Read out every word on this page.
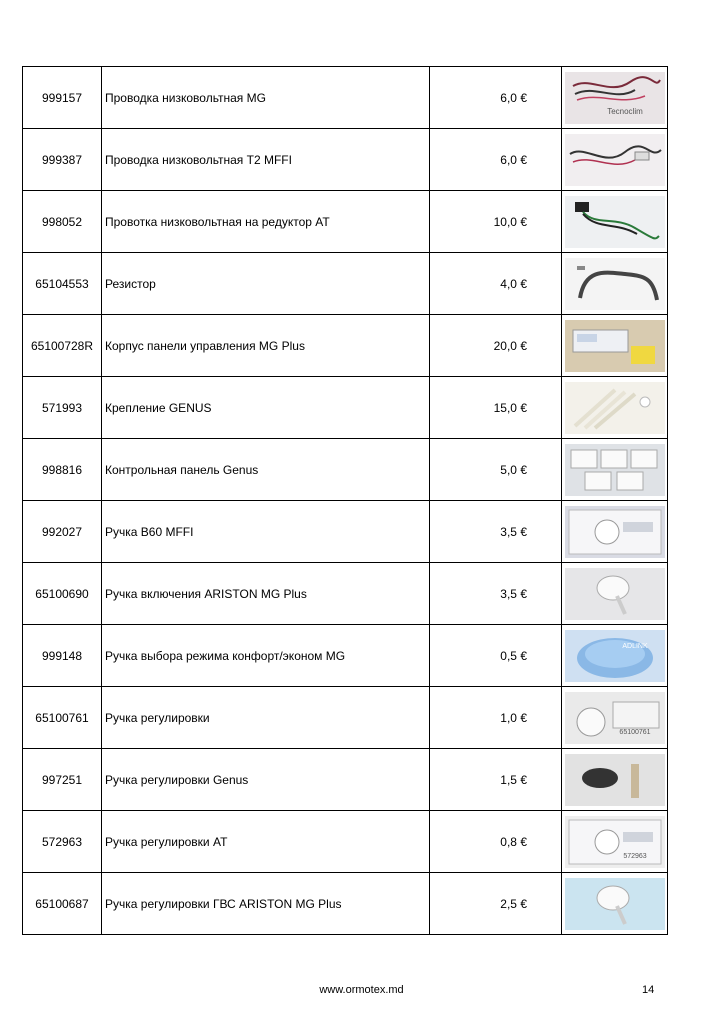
999157	Проводка низковольтная MG	6,0 €	Tecnoclim

999387	Проводка низковольтная T2 MFFI	6,0 €	

998052	Провотка низковольтная на редуктор AT	10,0 €	

65104553	Резистор	4,0 €	

65100728R	Корпус панели управления MG Plus	20,0 €	

571993	Крепление GENUS	15,0 €	

998816	Контрольная панель Genus	5,0 €	

992027	Ручка B60 MFFI	3,5 €	

65100690	Ручка включения ARISTON MG Plus	3,5 €	

999148	Ручка выбора режима конфорт/эконом MG	0,5 €	ADLINK

65100761	Ручка регулировки	1,0 €	65100761

997251	Ручка регулировки Genus	1,5 €	

572963	Ручка регулировки AT	0,8 €	572963

65100687	Ручка регулировки ГВС ARISTON MG Plus	2,5 €	
www.ormotex.md	14
